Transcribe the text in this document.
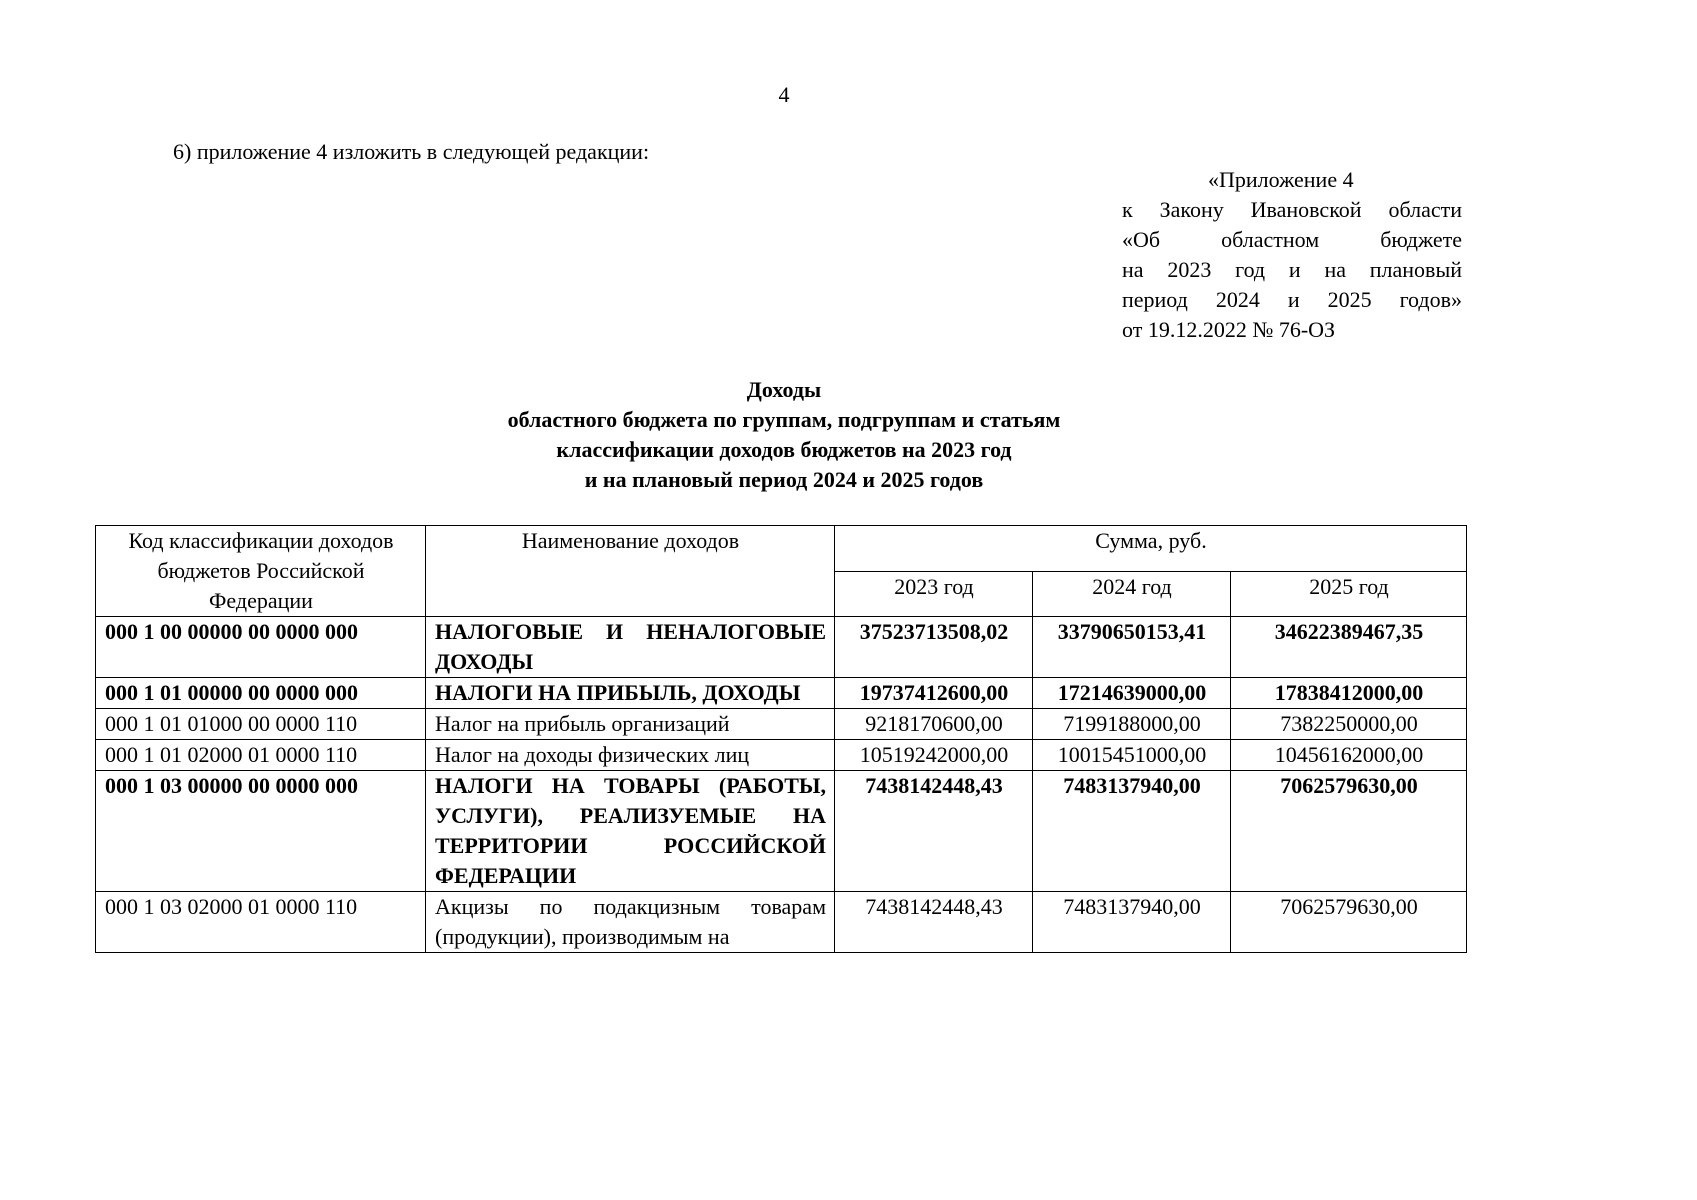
4
6) приложение 4 изложить в следующей редакции:
«Приложение 4
к Закону Ивановской области
«Об областном бюджете
на 2023 год и на плановый
период 2024 и 2025 годов»
от 19.12.2022 № 76-ОЗ
Доходы
областного бюджета по группам, подгруппам и статьям
классификации доходов бюджетов на 2023 год
и на плановый период 2024 и 2025 годов
Код классификации доходов бюджетов Российской Федерации	Наименование доходов	Сумма, руб.		
		2023 год	2024 год	2025 год
000 1 00 00000 00 0000 000	НАЛОГОВЫЕ И НЕНАЛОГОВЫЕ ДОХОДЫ	37523713508,02	33790650153,41	34622389467,35
000 1 01 00000 00 0000 000	НАЛОГИ НА ПРИБЫЛЬ, ДОХОДЫ	19737412600,00	17214639000,00	17838412000,00
000 1 01 01000 00 0000 110	Налог на прибыль организаций	9218170600,00	7199188000,00	7382250000,00
000 1 01 02000 01 0000 110	Налог на доходы физических лиц	10519242000,00	10015451000,00	10456162000,00
000 1 03 00000 00 0000 000	НАЛОГИ НА ТОВАРЫ (РАБОТЫ, УСЛУГИ), РЕАЛИЗУЕМЫЕ НА ТЕРРИТОРИИ РОССИЙСКОЙ ФЕДЕРАЦИИ	7438142448,43	7483137940,00	7062579630,00
000 1 03 02000 01 0000 110	Акцизы по подакцизным товарам (продукции), производимым на	7438142448,43	7483137940,00	7062579630,00
